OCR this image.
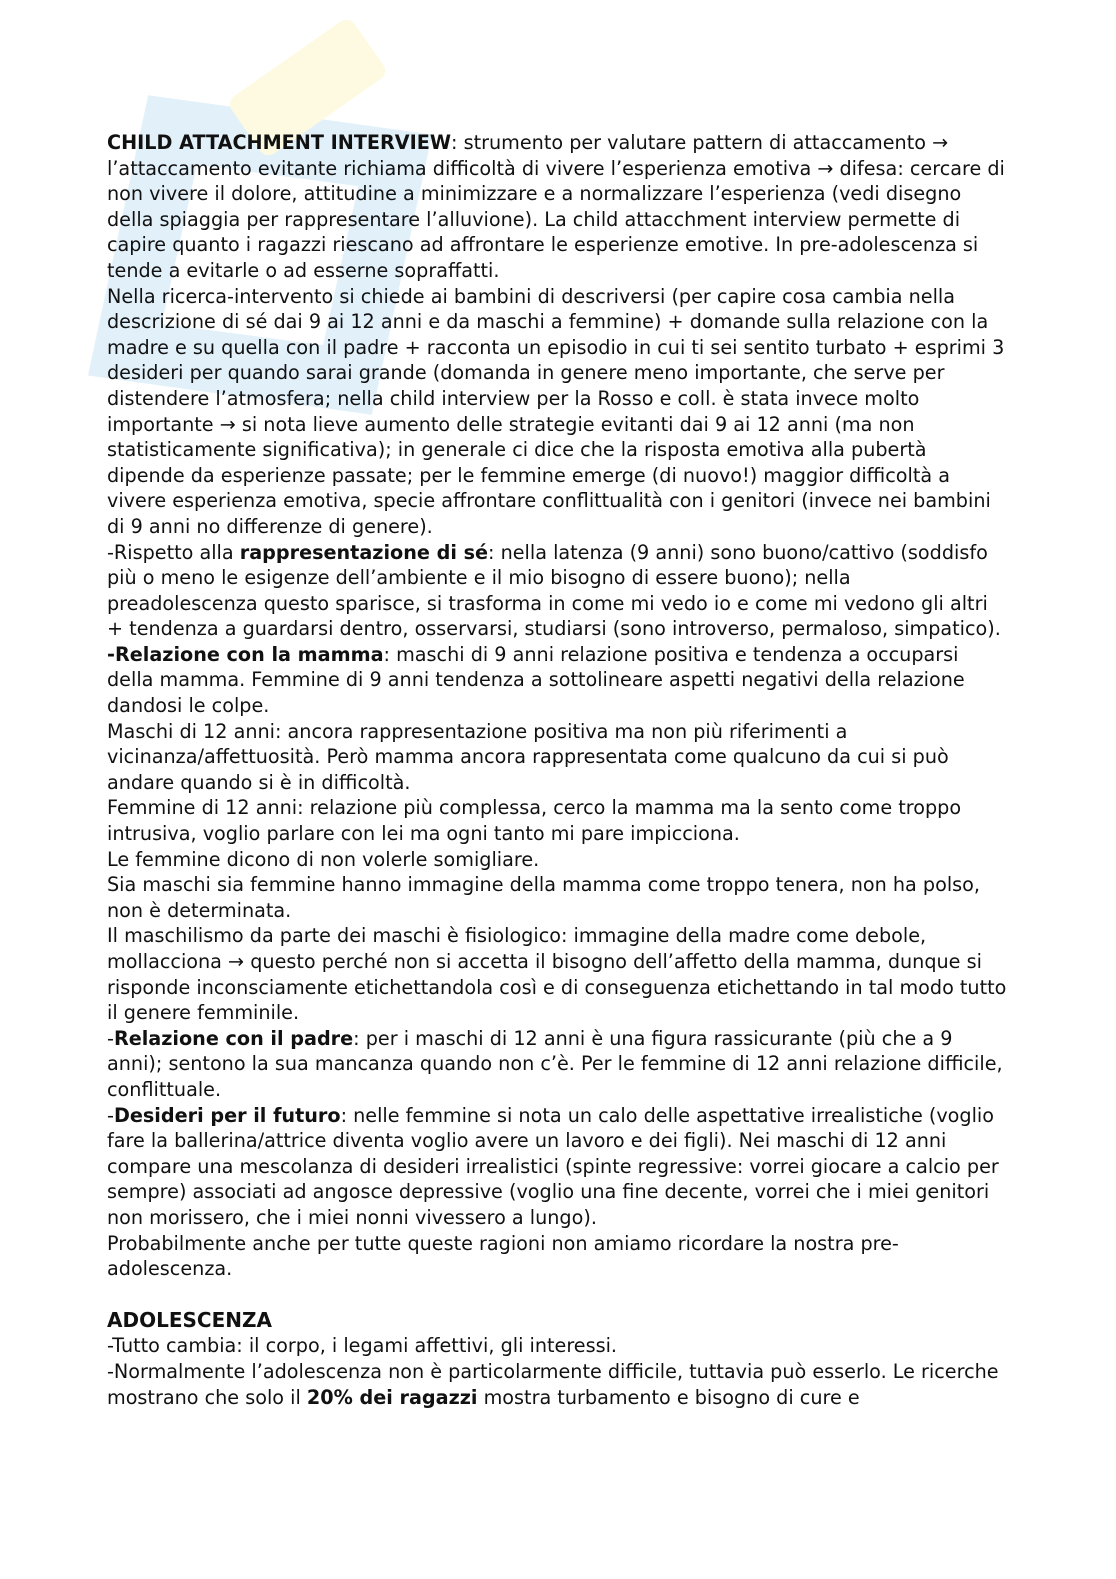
CHILD ATTACHMENT INTERVIEW: strumento per valutare pattern di attaccamento → l’attaccamento evitante richiama difficoltà di vivere l’esperienza emotiva → difesa: cercare di non vivere il dolore, attitudine a minimizzare e a normalizzare l’esperienza (vedi disegno della spiaggia per rappresentare l’alluvione). La child attacchment interview permette di capire quanto i ragazzi riescano ad affrontare le esperienze emotive. In pre-adolescenza si tende a evitarle o ad esserne sopraffatti.

Nella ricerca-intervento si chiede ai bambini di descriversi (per capire cosa cambia nella descrizione di sé dai 9 ai 12 anni e da maschi a femmine) + domande sulla relazione con la madre e su quella con il padre + racconta un episodio in cui ti sei sentito turbato + esprimi 3 desideri per quando sarai grande (domanda in genere meno importante, che serve per distendere l’atmosfera; nella child interview per la Rosso e coll. è stata invece molto importante → si nota lieve aumento delle strategie evitanti dai 9 ai 12 anni (ma non statisticamente significativa); in generale ci dice che la risposta emotiva alla pubertà dipende da esperienze passate; per le femmine emerge (di nuovo!) maggior difficoltà a vivere esperienza emotiva, specie affrontare conflittualità con i genitori (invece nei bambini di 9 anni no differenze di genere).

-Rispetto alla rappresentazione di sé: nella latenza (9 anni) sono buono/cattivo (soddisfo più o meno le esigenze dell’ambiente e il mio bisogno di essere buono); nella preadolescenza questo sparisce, si trasforma in come mi vedo io e come mi vedono gli altri + tendenza a guardarsi dentro, osservarsi, studiarsi (sono introverso, permaloso, simpatico).

-Relazione con la mamma: maschi di 9 anni relazione positiva e tendenza a occuparsi della mamma. Femmine di 9 anni tendenza a sottolineare aspetti negativi della relazione dandosi le colpe.

Maschi di 12 anni: ancora rappresentazione positiva ma non più riferimenti a vicinanza/affettuosità. Però mamma ancora rappresentata come qualcuno da cui si può andare quando si è in difficoltà.

Femmine di 12 anni: relazione più complessa, cerco la mamma ma la sento come troppo intrusiva, voglio parlare con lei ma ogni tanto mi pare impicciona.

Le femmine dicono di non volerle somigliare.

Sia maschi sia femmine hanno immagine della mamma come troppo tenera, non ha polso, non è determinata.

Il maschilismo da parte dei maschi è fisiologico: immagine della madre come debole, mollacciona → questo perché non si accetta il bisogno dell’affetto della mamma, dunque si risponde inconsciamente etichettandola così e di conseguenza etichettando in tal modo tutto il genere femminile.

-Relazione con il padre: per i maschi di 12 anni è una figura rassicurante (più che a 9 anni); sentono la sua mancanza quando non c’è. Per le femmine di 12 anni relazione difficile, conflittuale.

-Desideri per il futuro: nelle femmine si nota un calo delle aspettative irrealistiche (voglio fare la ballerina/attrice diventa voglio avere un lavoro e dei figli). Nei maschi di 12 anni compare una mescolanza di desideri irrealistici (spinte regressive: vorrei giocare a calcio per sempre) associati ad angosce depressive (voglio una fine decente, vorrei che i miei genitori non morissero, che i miei nonni vivessero a lungo).

Probabilmente anche per tutte queste ragioni non amiamo ricordare la nostra pre-adolescenza.

ADOLESCENZA

-Tutto cambia: il corpo, i legami affettivi, gli interessi.

-Normalmente l’adolescenza non è particolarmente difficile, tuttavia può esserlo. Le ricerche mostrano che solo il 20% dei ragazzi mostra turbamento e bisogno di cure e
